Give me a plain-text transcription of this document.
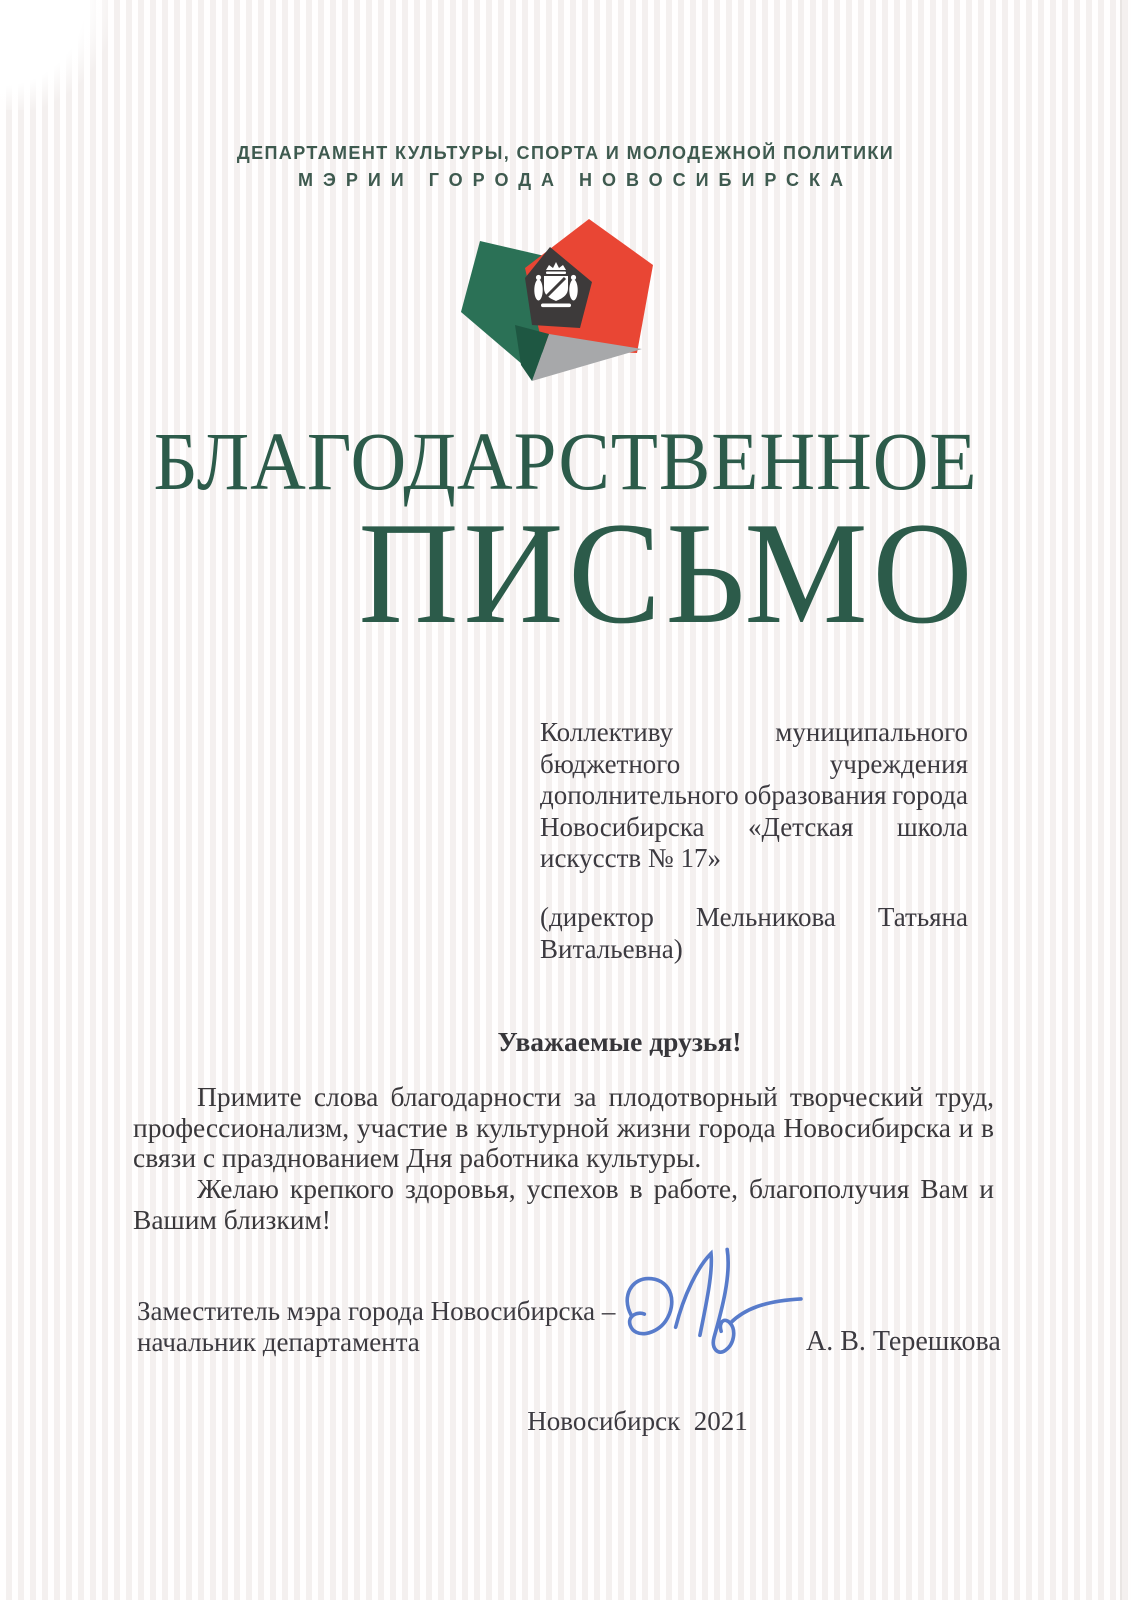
ДЕПАРТАМЕНТ КУЛЬТУРЫ, СПОРТА И МОЛОДЕЖНОЙ ПОЛИТИКИ
МЭРИИ ГОРОДА НОВОСИБИРСКА
БЛАГОДАРСТВЕННОЕ
ПИСЬМО
Коллективу	муниципального
бюджетного	учреждения
дополнительного образования города
Новосибирска «Детская школа
искусств № 17»
(директор Мельникова Татьяна
Витальевна)
Уважаемые друзья!
Примите слова благодарности за плодотворный творческий труд,
профессионализм, участие в культурной жизни города Новосибирска и в
связи с празднованием Дня работника культуры.
Желаю крепкого здоровья, успехов в работе, благополучия Вам и
Вашим близким!
Заместитель мэра города Новосибирска –
начальник департамента	А. В. Терешкова
Новосибирск  2021
